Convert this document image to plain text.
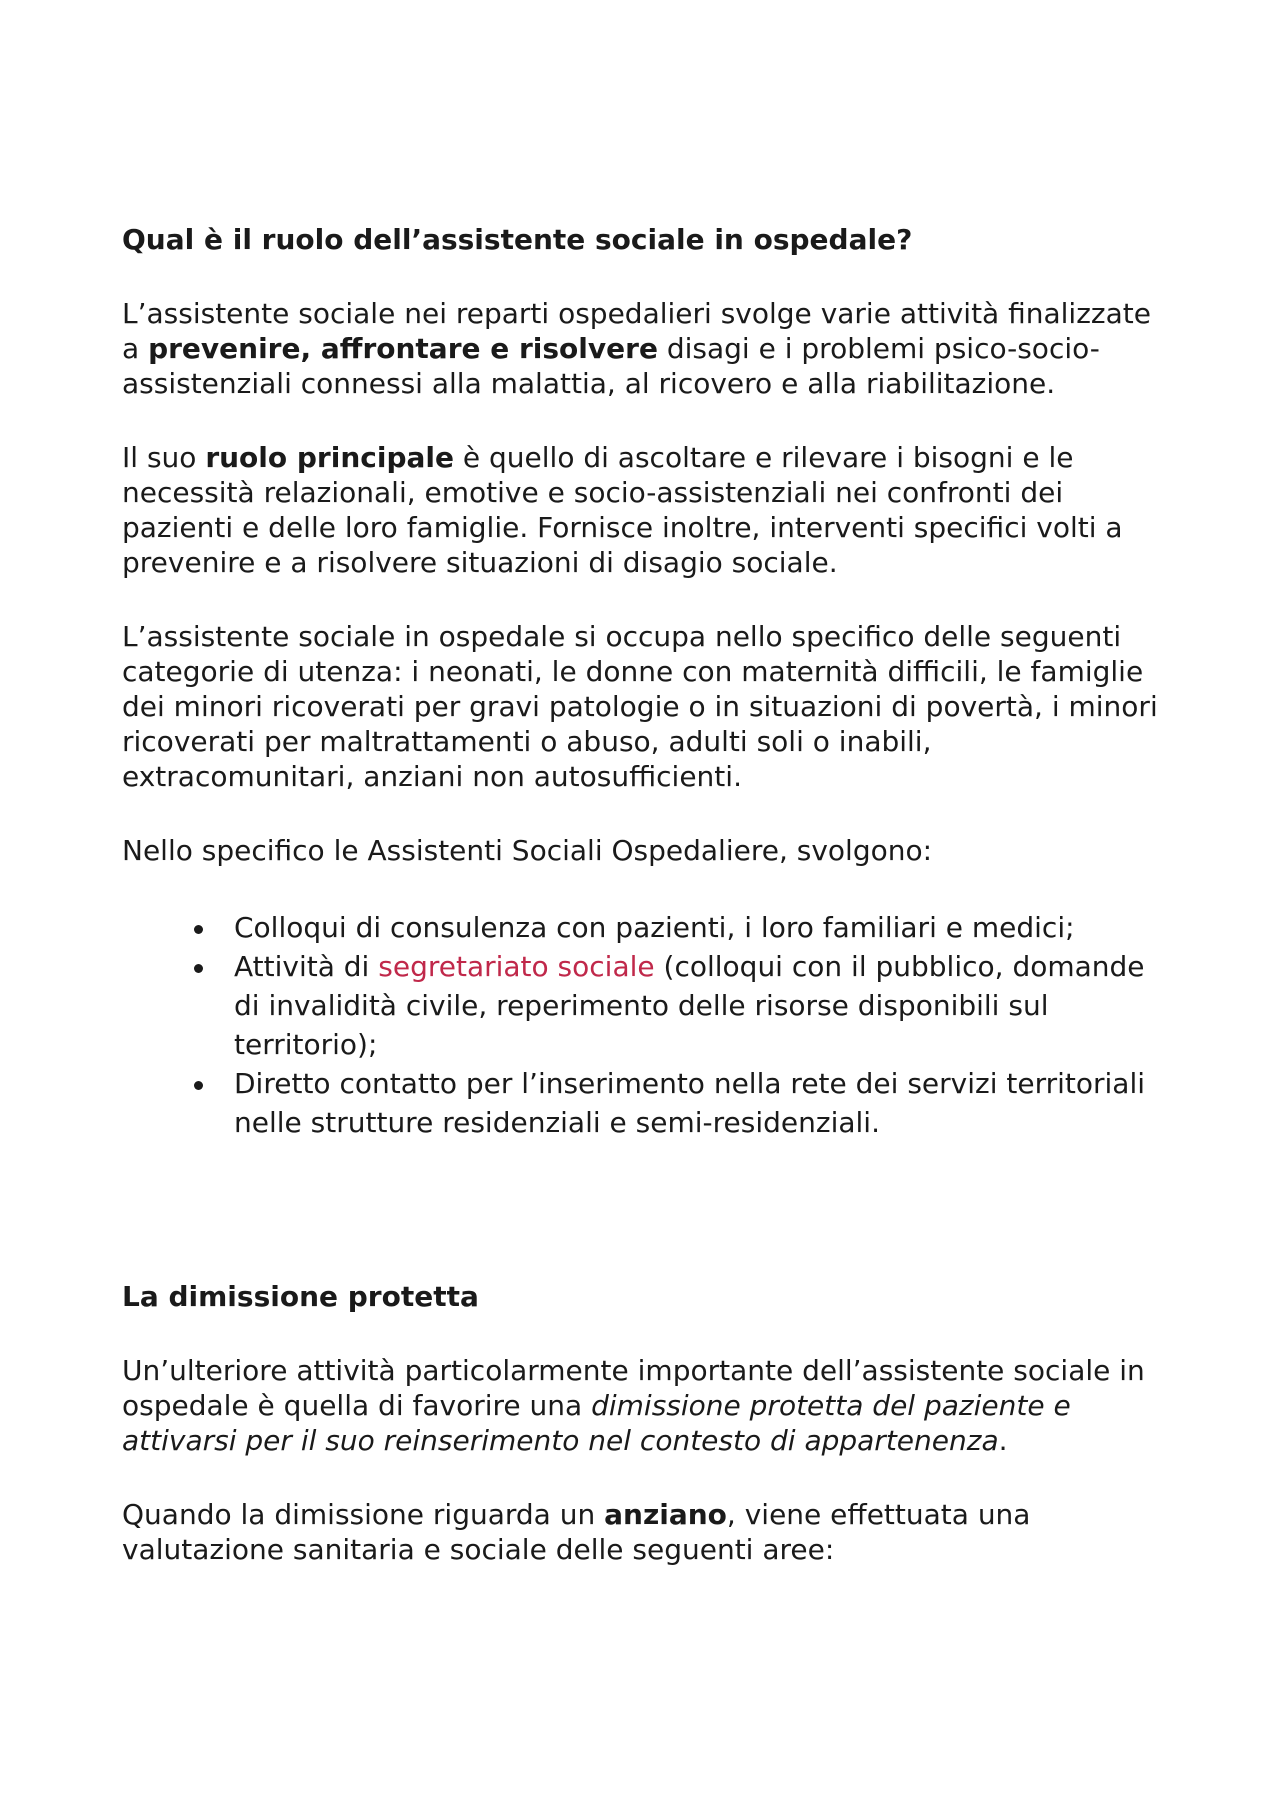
Qual è il ruolo dell’assistente sociale in ospedale?

L’assistente sociale nei reparti ospedalieri svolge varie attività finalizzate a prevenire, affrontare e risolvere disagi e i problemi psico-socio-assistenziali connessi alla malattia, al ricovero e alla riabilitazione.

Il suo ruolo principale è quello di ascoltare e rilevare i bisogni e le necessità relazionali, emotive e socio-assistenziali nei confronti dei pazienti e delle loro famiglie. Fornisce inoltre, interventi specifici volti a prevenire e a risolvere situazioni di disagio sociale.

L’assistente sociale in ospedale si occupa nello specifico delle seguenti categorie di utenza: i neonati, le donne con maternità difficili, le famiglie dei minori ricoverati per gravi patologie o in situazioni di povertà, i minori ricoverati per maltrattamenti o abuso, adulti soli o inabili, extracomunitari, anziani non autosufficienti.

Nello specifico le Assistenti Sociali Ospedaliere, svolgono:

Colloqui di consulenza con pazienti, i loro familiari e medici;
Attività di segretariato sociale (colloqui con il pubblico, domande di invalidità civile, reperimento delle risorse disponibili sul territorio);
Diretto contatto per l’inserimento nella rete dei servizi territoriali nelle strutture residenziali e semi-residenziali.
La dimissione protetta

Un’ulteriore attività particolarmente importante dell’assistente sociale in ospedale è quella di favorire una dimissione protetta del paziente e attivarsi per il suo reinserimento nel contesto di appartenenza.

Quando la dimissione riguarda un anziano, viene effettuata una valutazione sanitaria e sociale delle seguenti aree:
